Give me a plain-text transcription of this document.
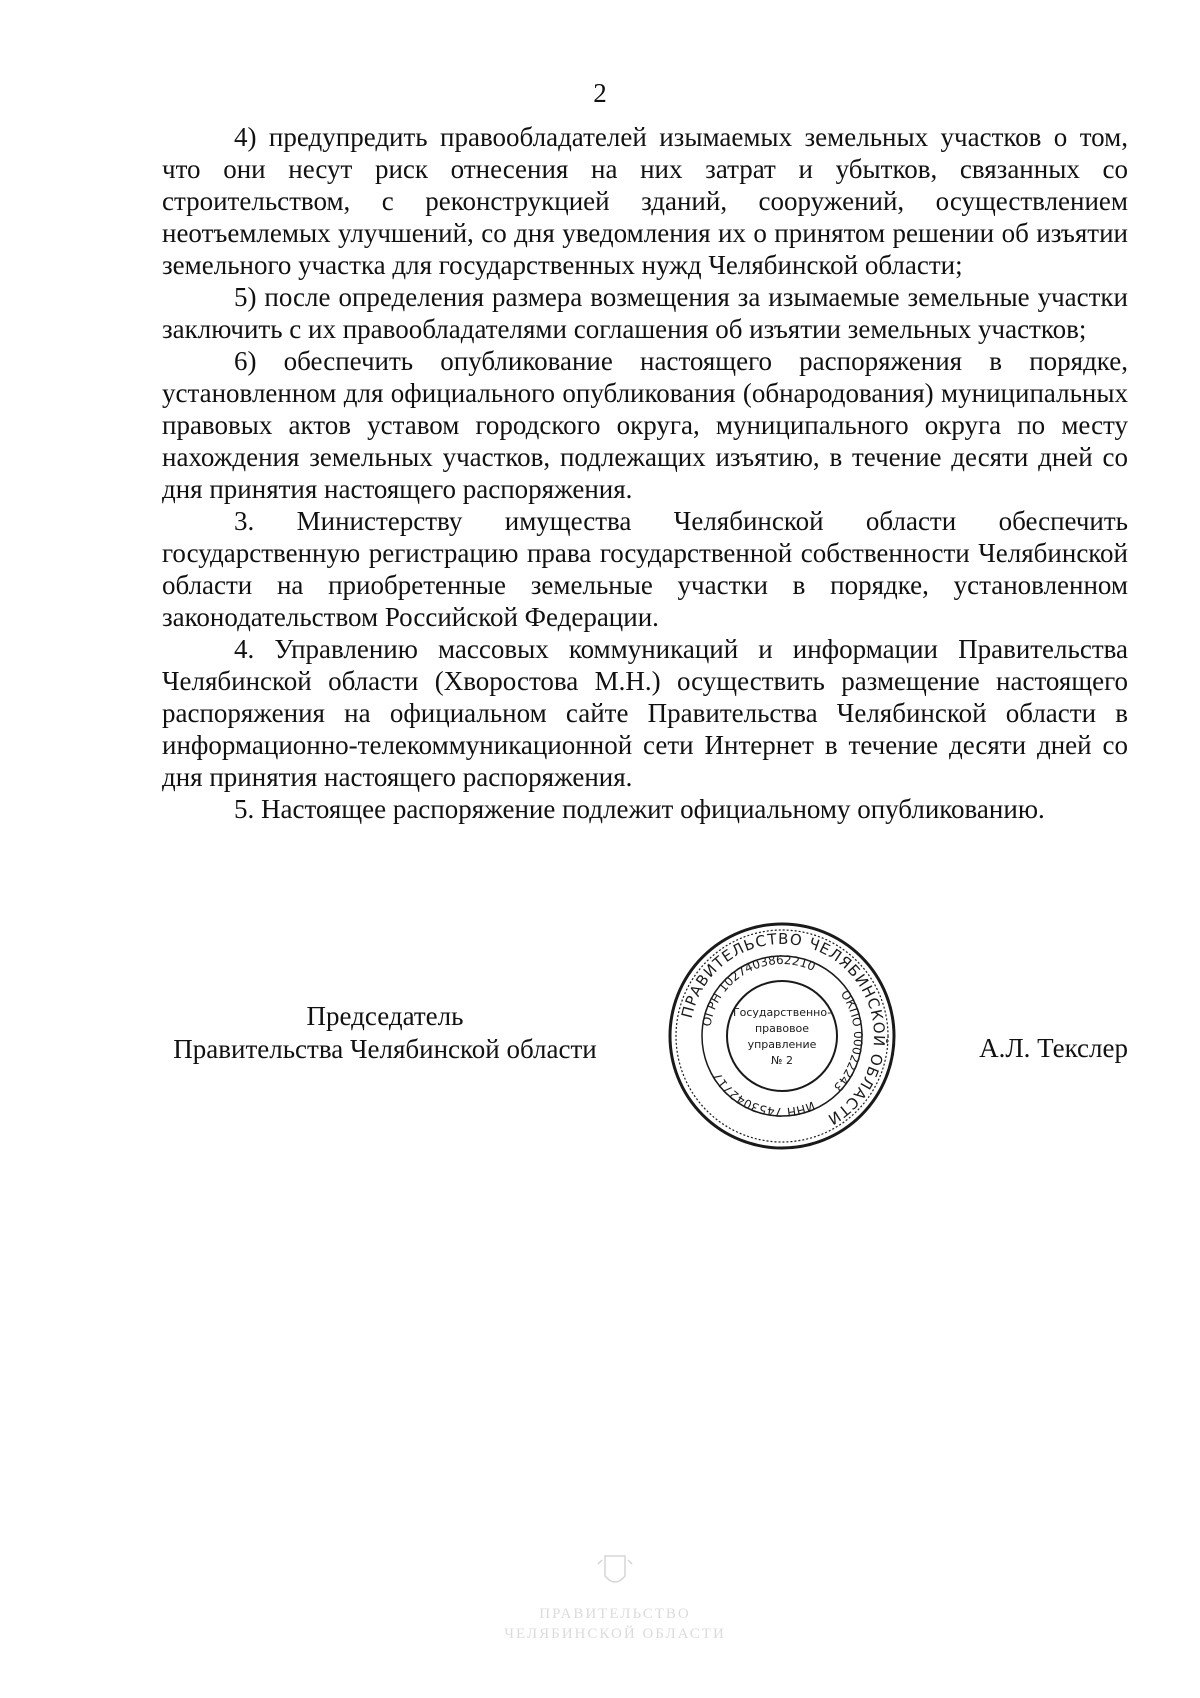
2

4) предупредить правообладателей изымаемых земельных участков о том, что они несут риск отнесения на них затрат и убытков, связанных со строительством, с реконструкцией зданий, сооружений, осуществлением неотъемлемых улучшений, со дня уведомления их о принятом решении об изъятии земельного участка для государственных нужд Челябинской области;

5) после определения размера возмещения за изымаемые земельные участки заключить с их правообладателями соглашения об изъятии земельных участков;

6) обеспечить опубликование настоящего распоряжения в порядке, установленном для официального опубликования (обнародования) муниципальных правовых актов уставом городского округа, муниципального округа по месту нахождения земельных участков, подлежащих изъятию, в течение десяти дней со дня принятия настоящего распоряжения.

3. Министерству имущества Челябинской области обеспечить государственную регистрацию права государственной собственности Челябинской области на приобретенные земельные участки в порядке, установленном законодательством Российской Федерации.

4. Управлению массовых коммуникаций и информации Правительства Челябинской области (Хворостова М.Н.) осуществить размещение настоящего распоряжения на официальном сайте Правительства Челябинской области в информационно-телекоммуникационной сети Интернет в течение десяти дней со дня принятия настоящего распоряжения.

5. Настоящее распоряжение подлежит официальному опубликованию.

Председатель
Правительства Челябинской области	А.Л. Текслер
ПРАВИТЕЛЬСТВО ЧЕЛЯБИНСКОЙ ОБЛАСТИ
ОГРН 1027403862210
ОКПО 00022243
ИНН 7453042717
Государственно-
правовое
управление
№ 2
ПРАВИТЕЛЬСТВО
ЧЕЛЯБИНСКОЙ ОБЛАСТИ
